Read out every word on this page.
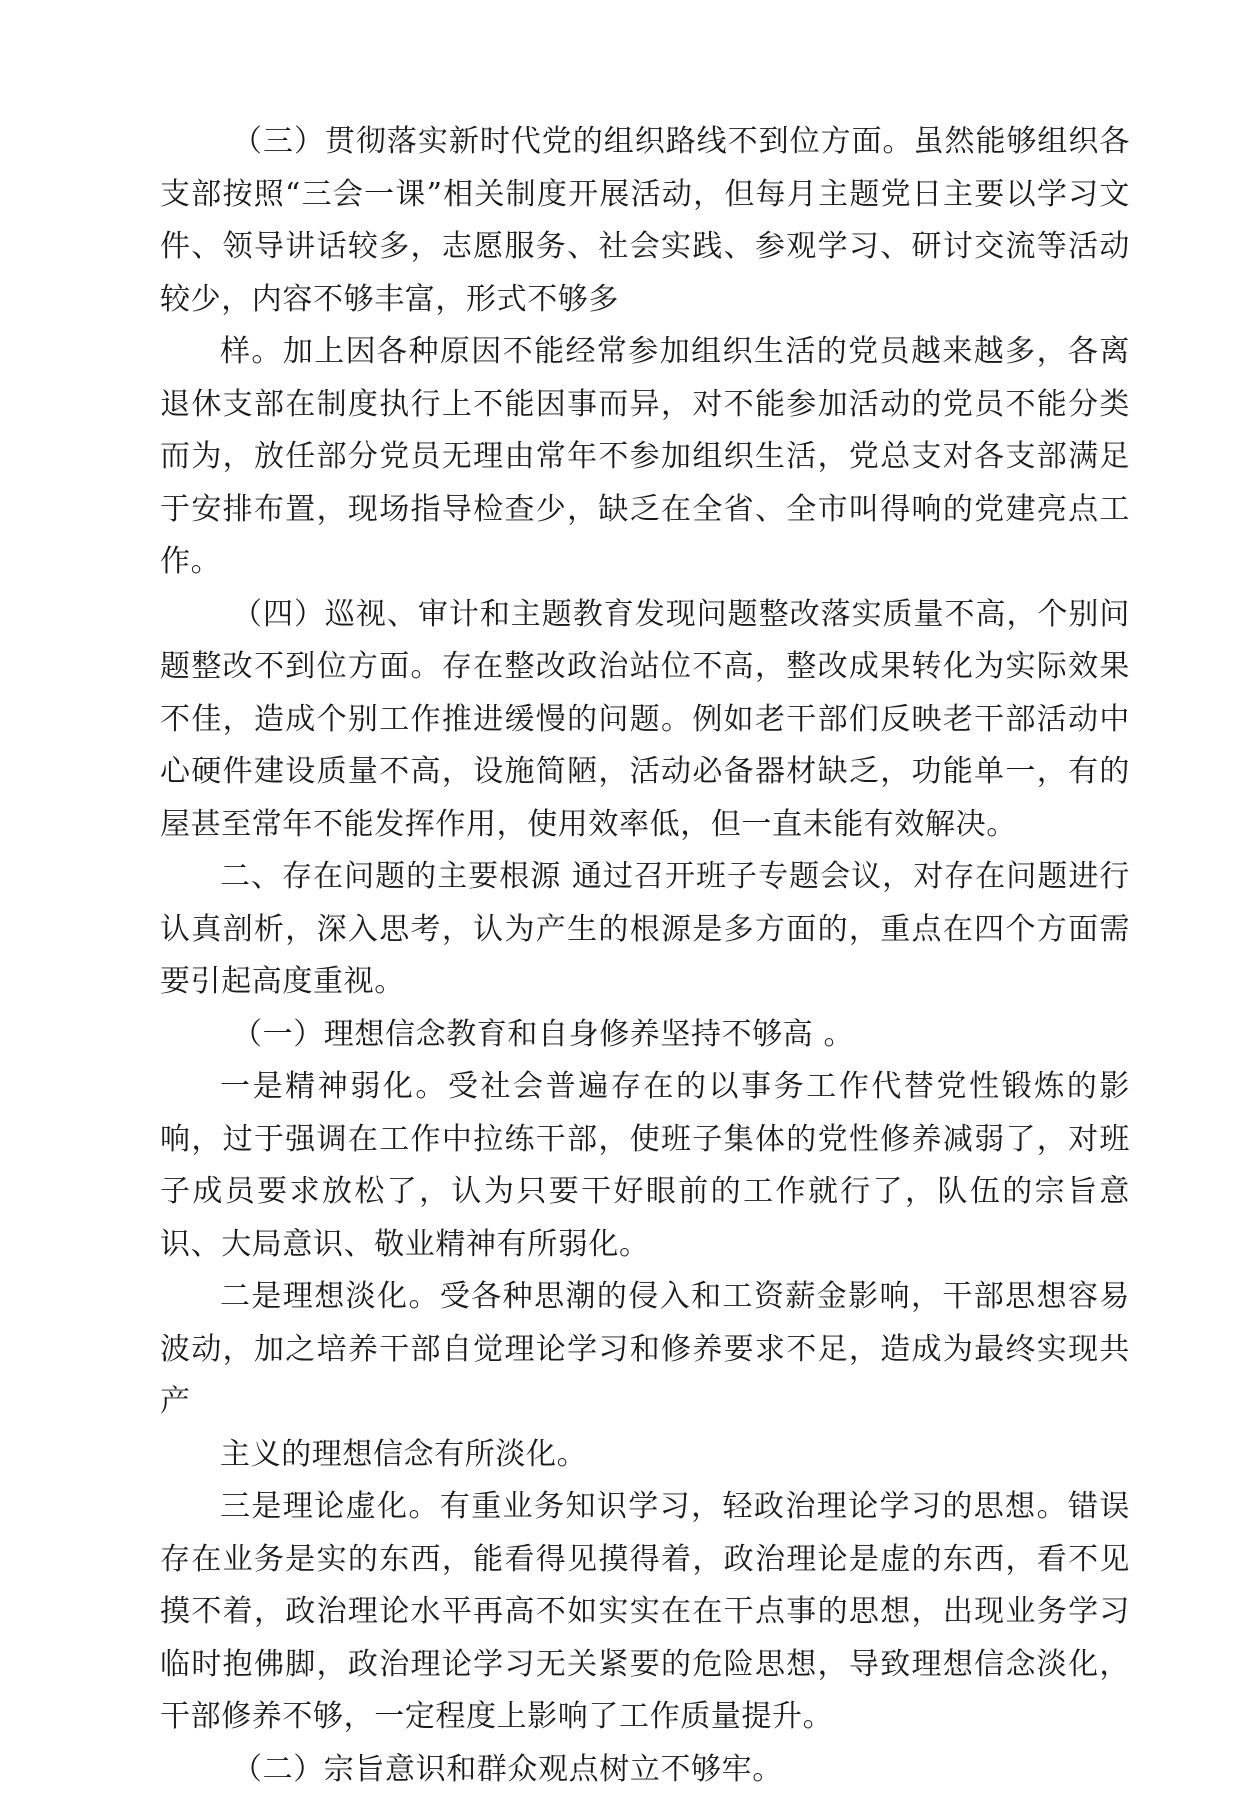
（三）贯彻落实新时代党的组织路线不到位方面。虽然能够组织各支部按照“三会一课”相关制度开展活动，但每月主题党日主要以学习文件、领导讲话较多，志愿服务、社会实践、参观学习、研讨交流等活动较少，内容不够丰富，形式不够多

样。加上因各种原因不能经常参加组织生活的党员越来越多，各离退休支部在制度执行上不能因事而异，对不能参加活动的党员不能分类而为，放任部分党员无理由常年不参加组织生活，党总支对各支部满足于安排布置，现场指导检查少，缺乏在全省、全市叫得响的党建亮点工作。

（四）巡视、审计和主题教育发现问题整改落实质量不高，个别问题整改不到位方面。存在整改政治站位不高，整改成果转化为实际效果不佳，造成个别工作推进缓慢的问题。例如老干部们反映老干部活动中心硬件建设质量不高，设施简陋，活动必备器材缺乏，功能单一，有的屋甚至常年不能发挥作用，使用效率低，但一直未能有效解决。

二、存在问题的主要根源 通过召开班子专题会议，对存在问题进行认真剖析，深入思考，认为产生的根源是多方面的，重点在四个方面需要引起高度重视。

（一）理想信念教育和自身修养坚持不够高 。

一是精神弱化。受社会普遍存在的以事务工作代替党性锻炼的影响，过于强调在工作中拉练干部，使班子集体的党性修养减弱了，对班子成员要求放松了，认为只要干好眼前的工作就行了，队伍的宗旨意识、大局意识、敬业精神有所弱化。

二是理想淡化。受各种思潮的侵入和工资薪金影响，干部思想容易波动，加之培养干部自觉理论学习和修养要求不足，造成为最终实现共产

主义的理想信念有所淡化。

三是理论虚化。有重业务知识学习，轻政治理论学习的思想。错误存在业务是实的东西，能看得见摸得着，政治理论是虚的东西，看不见摸不着，政治理论水平再高不如实实在在干点事的思想，出现业务学习临时抱佛脚，政治理论学习无关紧要的危险思想，导致理想信念淡化，干部修养不够，一定程度上影响了工作质量提升。

（二）宗旨意识和群众观点树立不够牢。
